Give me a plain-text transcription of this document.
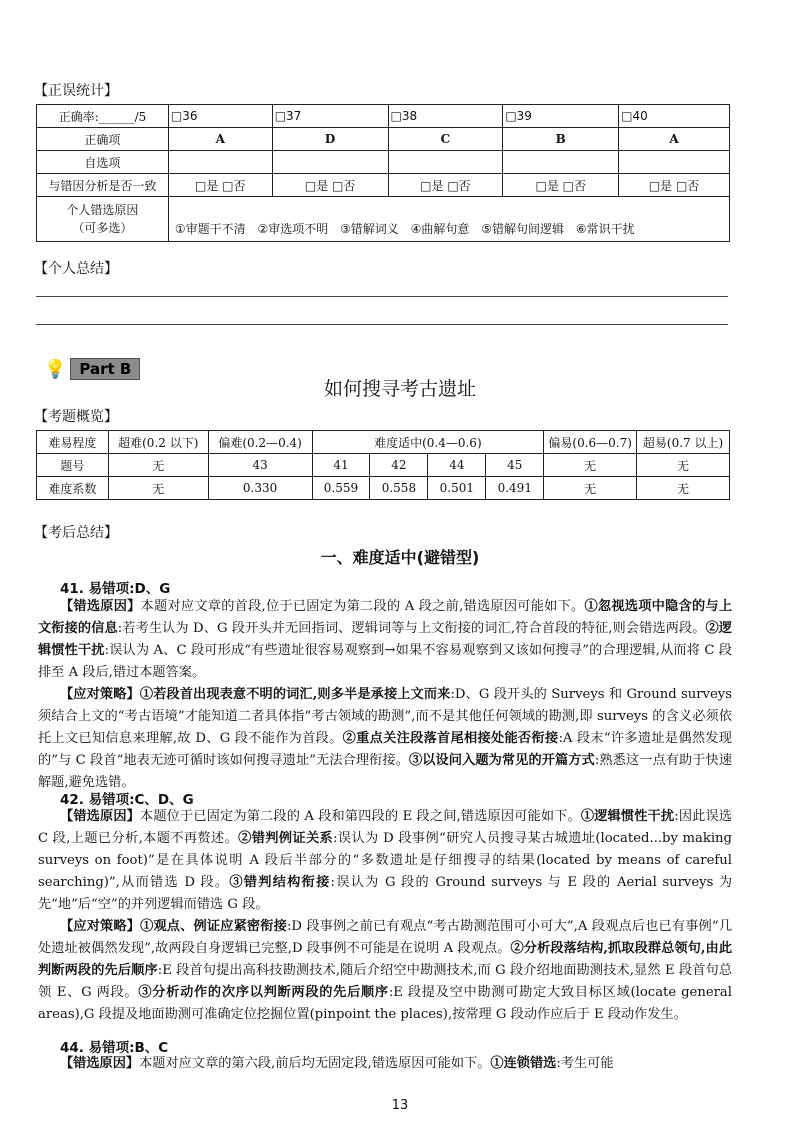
【正误统计】
正确率:______/5	□36	□37	□38	□39	□40
正确项	A	D	C	B	A
自选项					
与错因分析是否一致	□是 □否	□是 □否	□是 □否	□是 □否	□是 □否

个人错选原因
（可多选）	①审题干不清 ②审选项不明 ③错解词义 ④曲解句意 ⑤错解句间逻辑 ⑥常识干扰				
【个人总结】
💡 Part B
如何搜寻考古遗址
【考题概览】
难易程度	超难(0.2 以下)	偏难(0.2—0.4)	难度适中(0.4—0.6)				偏易(0.6—0.7)	超易(0.7 以上)
题号	无	43	41	42	44	45	无	无
难度系数	无	0.330	0.559	0.558	0.501	0.491	无	无
【考后总结】
一、难度适中(避错型)
41. 易错项:D、G

【错选原因】本题对应文章的首段,位于已固定为第二段的 A 段之前,错选原因可能如下。①忽视选项中隐含的与上文衔接的信息:若考生认为 D、G 段开头并无回指词、逻辑词等与上文衔接的词汇,符合首段的特征,则会错选两段。②逻辑惯性干扰:误认为 A、C 段可形成“有些遗址很容易观察到→如果不容易观察到又该如何搜寻”的合理逻辑,从而将 C 段排至 A 段后,错过本题答案。

【应对策略】①若段首出现表意不明的词汇,则多半是承接上文而来:D、G 段开头的 Surveys 和 Ground surveys 须结合上文的“考古语境”才能知道二者具体指“考古领域的勘测”,而不是其他任何领域的勘测,即 surveys 的含义必须依托上文已知信息来理解,故 D、G 段不能作为首段。②重点关注段落首尾相接处能否衔接:A 段末“许多遗址是偶然发现的”与 C 段首“地表无迹可循时该如何搜寻遗址”无法合理衔接。③以设问入题为常见的开篇方式:熟悉这一点有助于快速解题,避免选错。

42. 易错项:C、D、G

【错选原因】本题位于已固定为第二段的 A 段和第四段的 E 段之间,错选原因可能如下。①逻辑惯性干扰:因此误选 C 段,上题已分析,本题不再赘述。②错判例证关系:误认为 D 段事例“研究人员搜寻某古城遗址(located...by making surveys on foot)”是在具体说明 A 段后半部分的“多数遗址是仔细搜寻的结果(located by means of careful searching)”,从而错选 D 段。③错判结构衔接:误认为 G 段的 Ground surveys 与 E 段的 Aerial surveys 为先“地”后“空”的并列逻辑而错选 G 段。

【应对策略】①观点、例证应紧密衔接:D 段事例之前已有观点“考古勘测范围可小可大”,A 段观点后也已有事例“几处遗址被偶然发现”,故两段自身逻辑已完整,D 段事例不可能是在说明 A 段观点。②分析段落结构,抓取段群总领句,由此判断两段的先后顺序:E 段首句提出高科技勘测技术,随后介绍空中勘测技术,而 G 段介绍地面勘测技术,显然 E 段首句总领 E、G 两段。③分析动作的次序以判断两段的先后顺序:E 段提及空中勘测可勘定大致目标区域(locate general areas),G 段提及地面勘测可准确定位挖掘位置(pinpoint the places),按常理 G 段动作应后于 E 段动作发生。

44. 易错项:B、C

【错选原因】本题对应文章的第六段,前后均无固定段,错选原因可能如下。①连锁错选:考生可能

13
